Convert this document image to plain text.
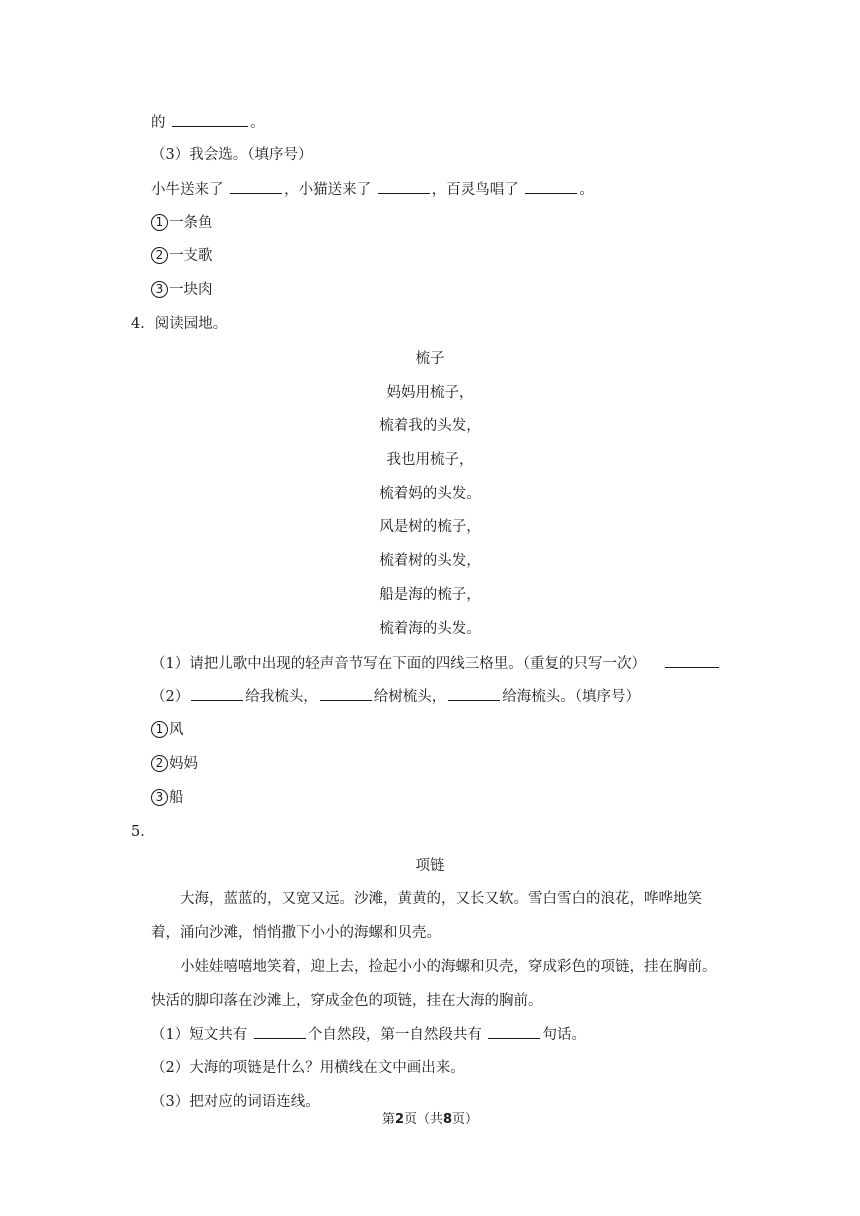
的	。
（3）我会选。（填序号）
小牛送来了	，小猫送来了	，百灵鸟唱了	。
1 一条鱼
2 一支歌
3 一块肉
4．阅读园地。
梳子
妈妈用梳子，
梳着我的头发，
我也用梳子，
梳着妈的头发。
风是树的梳子，
梳着树的头发，
船是海的梳子，
梳着海的头发。
（1）请把儿歌中出现的轻声音节写在下面的四线三格里。（重复的只写一次）
（2）	给我梳头，	给树梳头，	给海梳头。（填序号）
1 风
2 妈妈
3 船
5．
项链
大海，蓝蓝的，又宽又远。沙滩，黄黄的，又长又软。雪白雪白的浪花，哗哗地笑
着，涌向沙滩，悄悄撒下小小的海螺和贝壳。
小娃娃嘻嘻地笑着，迎上去，捡起小小的海螺和贝壳，穿成彩色的项链，挂在胸前。
快活的脚印落在沙滩上，穿成金色的项链，挂在大海的胸前。
（1）短文共有	个自然段，第一自然段共有	句话。
（2）大海的项链是什么？用横线在文中画出来。
（3）把对应的词语连线。
第2页（共8页）
